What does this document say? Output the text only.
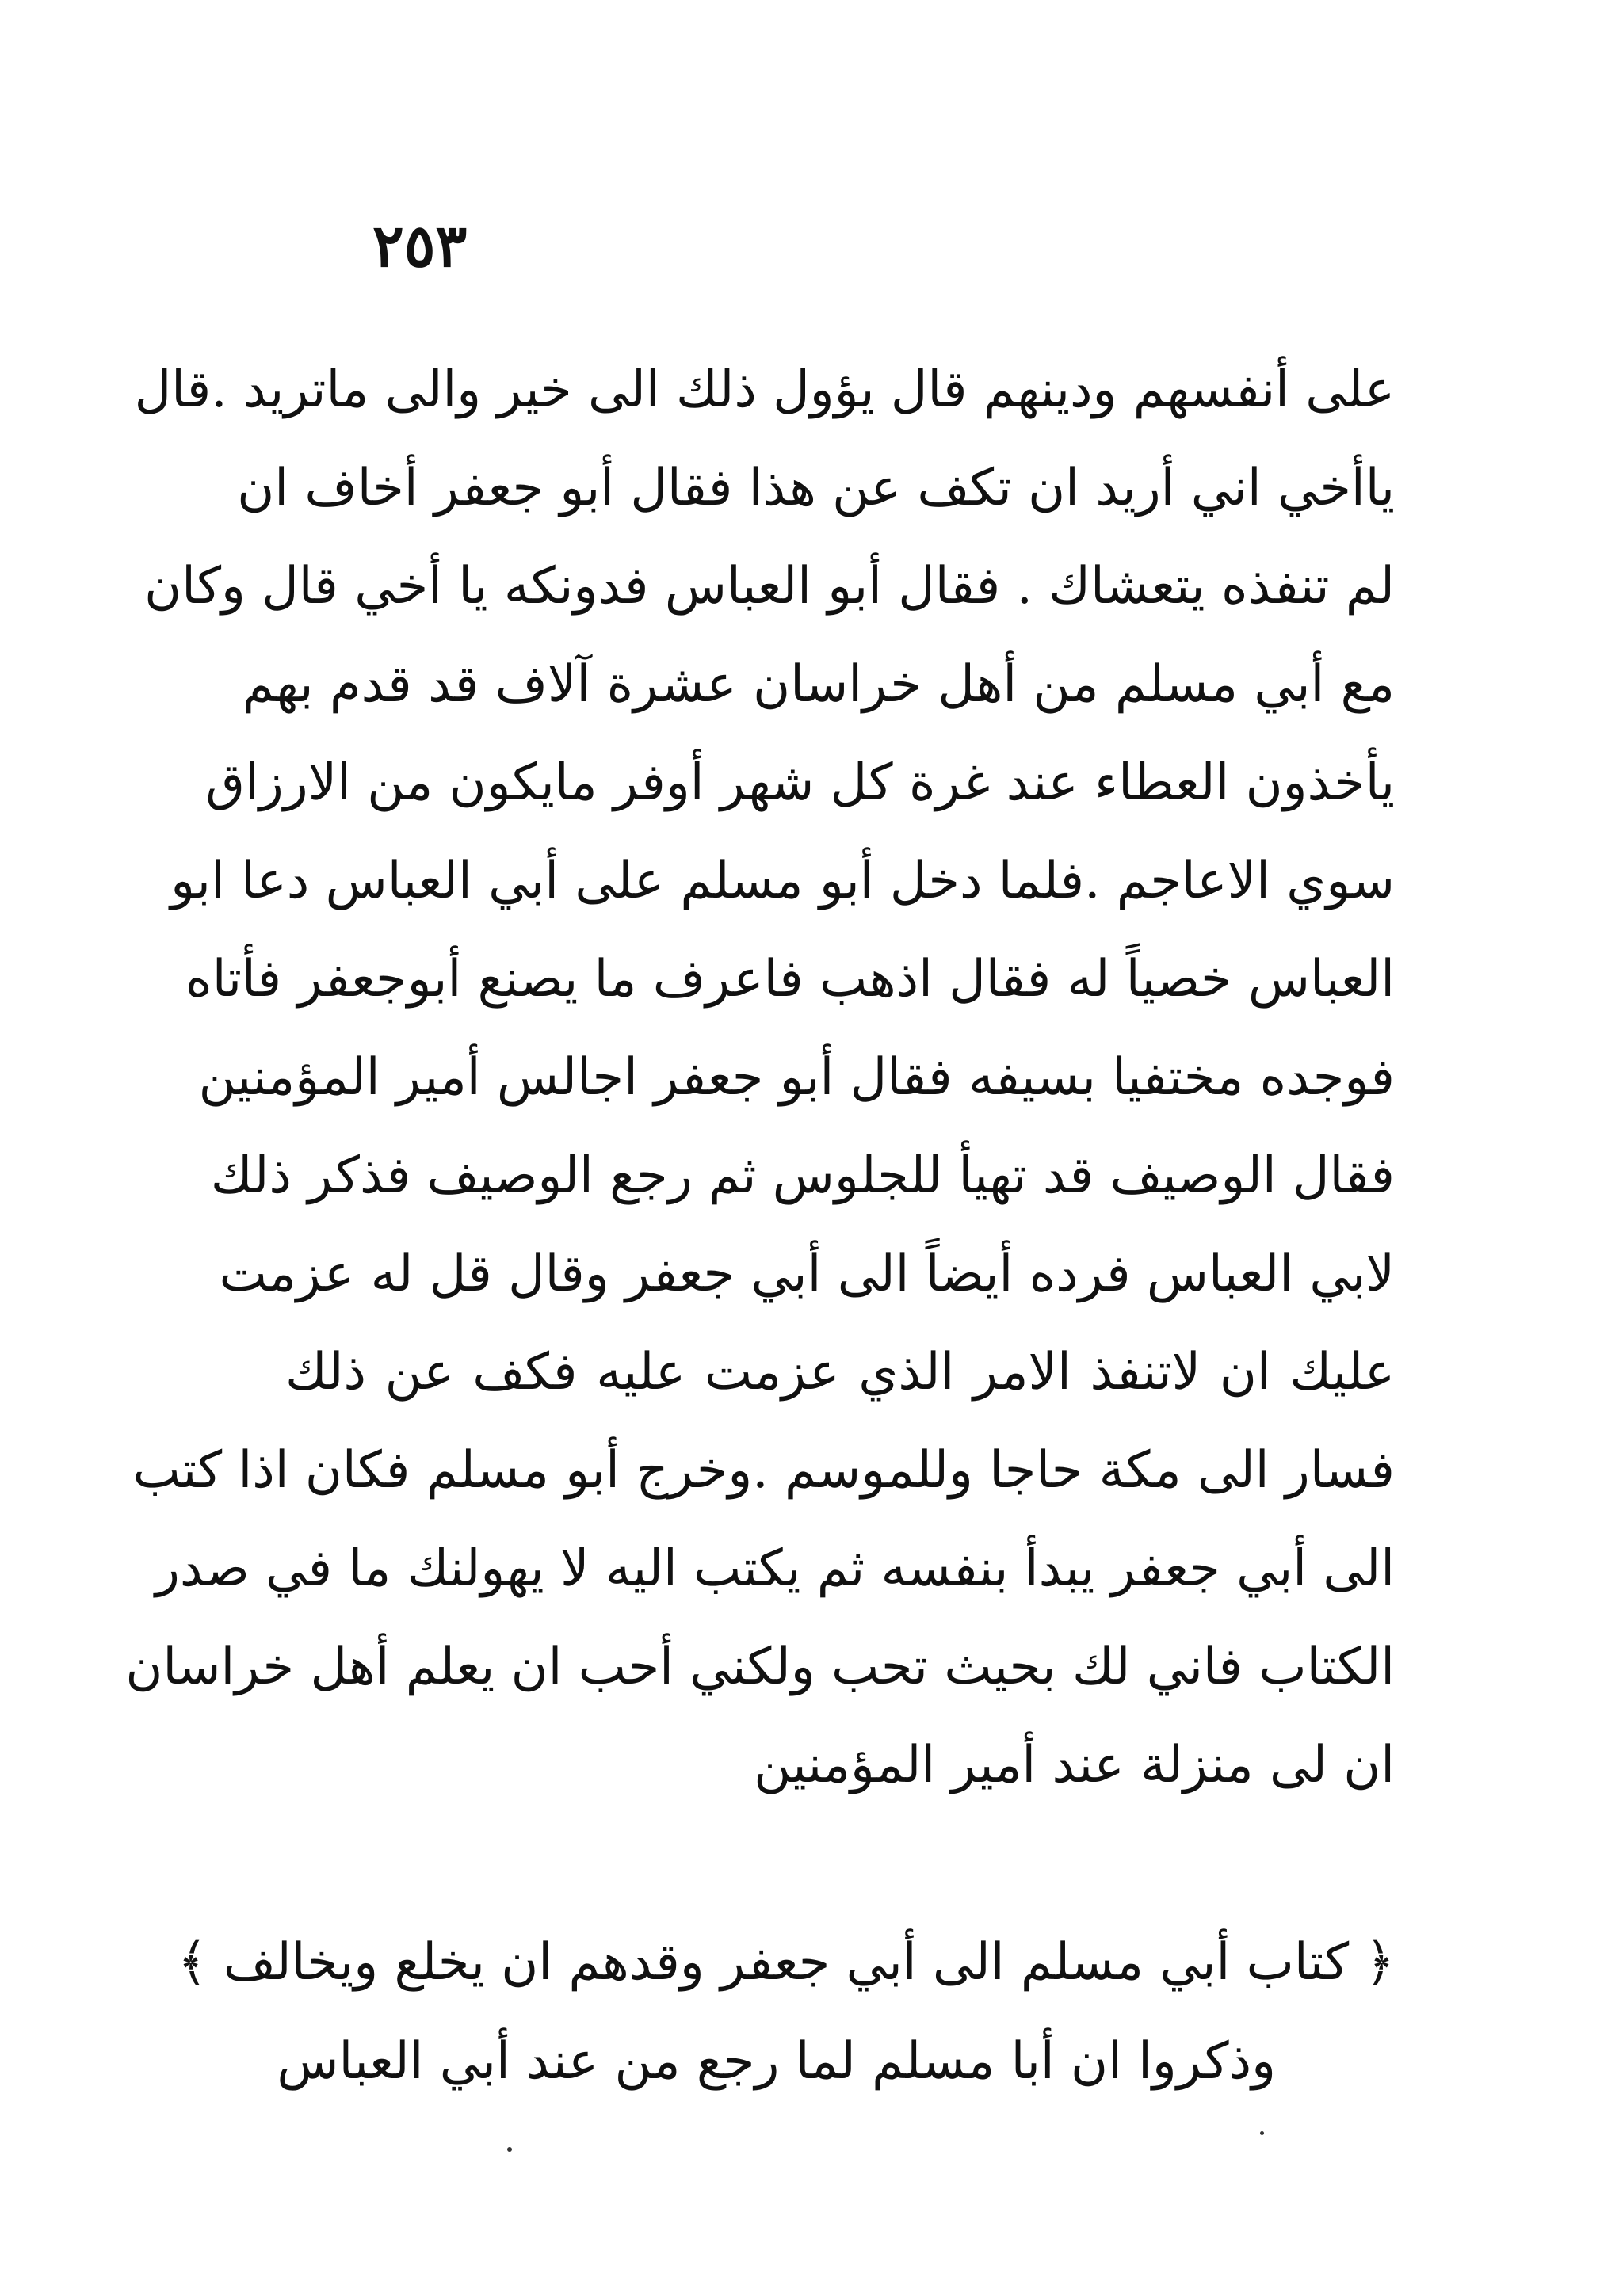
٢٥٣
على أنفسهم ودينهم قال يؤول ذلك الى خير والى ماتريد .قال
ياأخي اني أريد ان تكف عن هذا فقال أبو جعفر أخاف ان
لم تنفذه يتعشاك . فقال أبو العباس فدونكه يا أخي قال وكان
مع أبي مسلم من أهل خراسان عشرة آلاف قد قدم بهم
يأخذون العطاء عند غرة كل شهر أوفر مايكون من الارزاق
سوي الاعاجم .فلما دخل أبو مسلم على أبي العباس دعا ابو
العباس خصياً له فقال اذهب فاعرف ما يصنع أبوجعفر فأتاه
فوجده مختفيا بسيفه فقال أبو جعفر اجالس أمير المؤمنين
فقال الوصيف قد تهيأ للجلوس ثم رجع الوصيف فذكر ذلك
لابي العباس فرده أيضاً الى أبي جعفر وقال قل له عزمت
عليك ان لاتنفذ الامر الذي عزمت عليه فكف عن ذلك
فسار الى مكة حاجا وللموسم .وخرج أبو مسلم فكان اذا كتب
الى أبي جعفر يبدأ بنفسه ثم يكتب اليه لا يهولنك ما في صدر
الكتاب فاني لك بحيث تحب ولكني أحب ان يعلم أهل خراسان
ان لى منزلة عند أمير المؤمنين
﴿ كتاب أبي مسلم الى أبي جعفر وقدهم ان يخلع ويخالف ﴾
وذكروا ان أبا مسلم لما رجع من عند أبي العباس
